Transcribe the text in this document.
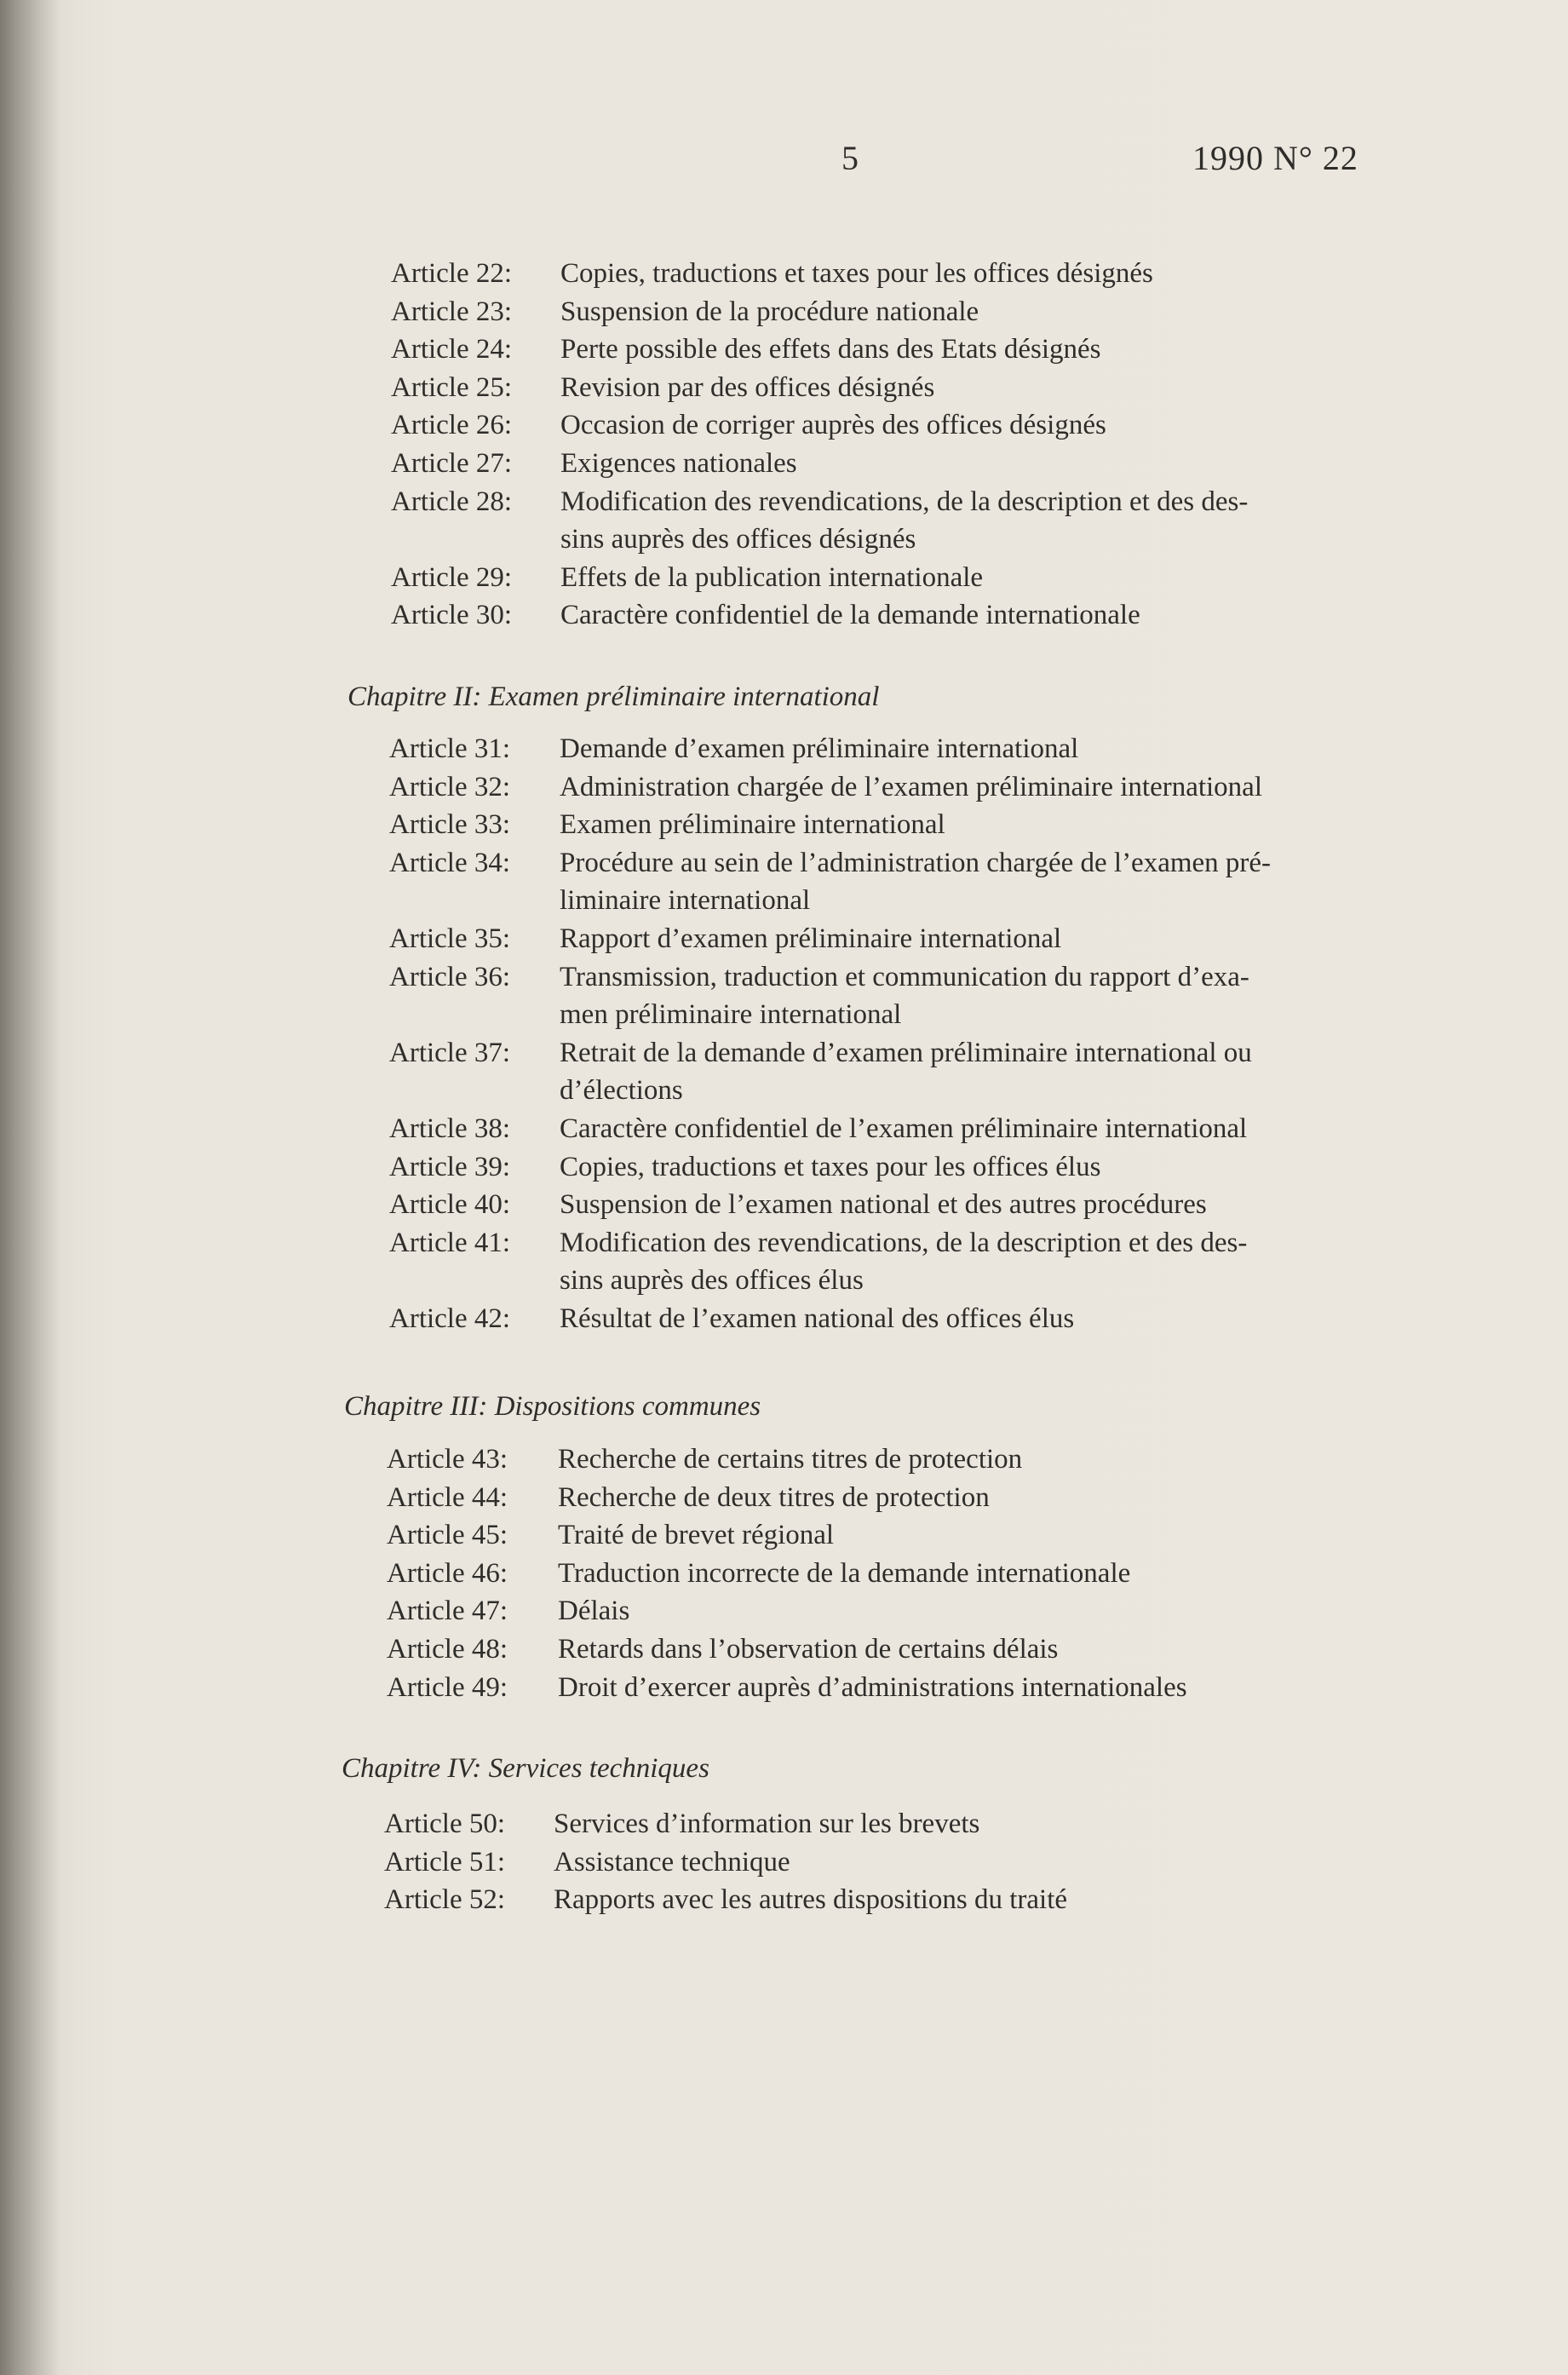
5	1990 N° 22
Article 22: Copies, traductions et taxes pour les offices désignés
Article 23: Suspension de la procédure nationale
Article 24: Perte possible des effets dans des Etats désignés
Article 25: Revision par des offices désignés
Article 26: Occasion de corriger auprès des offices désignés
Article 27: Exigences nationales
Article 28: Modification des revendications, de la description et des des-
sins auprès des offices désignés
Article 29: Effets de la publication internationale
Article 30: Caractère confidentiel de la demande internationale
Chapitre II: Examen préliminaire international
Article 31: Demande d’examen préliminaire international
Article 32: Administration chargée de l’examen préliminaire international
Article 33: Examen préliminaire international
Article 34: Procédure au sein de l’administration chargée de l’examen pré-
liminaire international
Article 35: Rapport d’examen préliminaire international
Article 36: Transmission, traduction et communication du rapport d’exa-
men préliminaire international
Article 37: Retrait de la demande d’examen préliminaire international ou
d’élections
Article 38: Caractère confidentiel de l’examen préliminaire international
Article 39: Copies, traductions et taxes pour les offices élus
Article 40: Suspension de l’examen national et des autres procédures
Article 41: Modification des revendications, de la description et des des-
sins auprès des offices élus
Article 42: Résultat de l’examen national des offices élus
Chapitre III: Dispositions communes
Article 43: Recherche de certains titres de protection
Article 44: Recherche de deux titres de protection
Article 45: Traité de brevet régional
Article 46: Traduction incorrecte de la demande internationale
Article 47: Délais
Article 48: Retards dans l’observation de certains délais
Article 49: Droit d’exercer auprès d’administrations internationales
Chapitre IV: Services techniques
Article 50: Services d’information sur les brevets
Article 51: Assistance technique
Article 52: Rapports avec les autres dispositions du traité
